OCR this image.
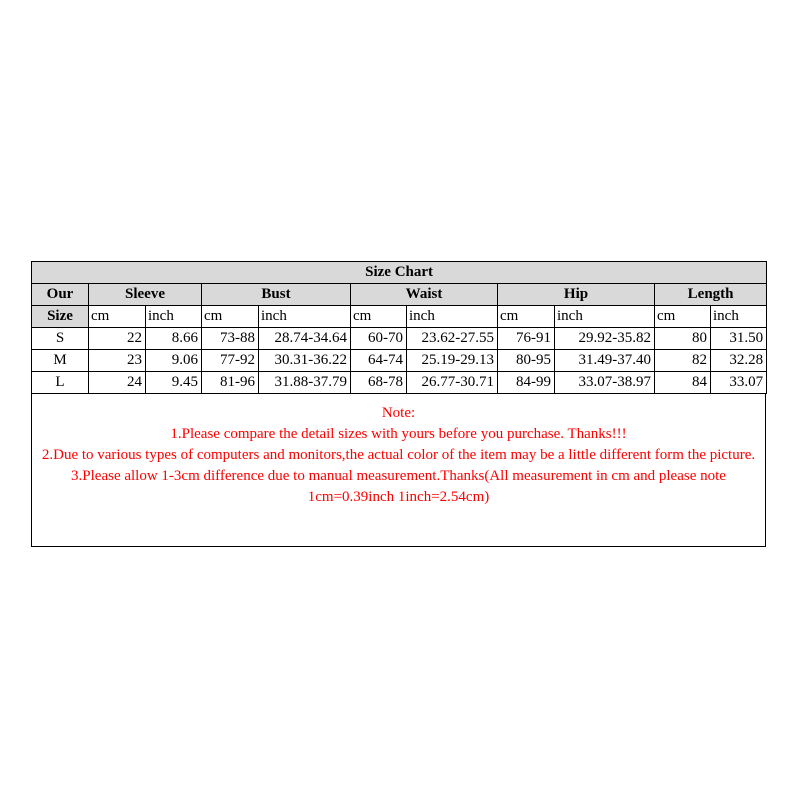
Size Chart										
Our	Sleeve		Bust		Waist		Hip		Length	
Size	cm	inch	cm	inch	cm	inch	cm	inch	cm	inch
S	22	8.66	73-88	28.74-34.64	60-70	23.62-27.55	76-91	29.92-35.82	80	31.50
M	23	9.06	77-92	30.31-36.22	64-74	25.19-29.13	80-95	31.49-37.40	82	32.28
L	24	9.45	81-96	31.88-37.79	68-78	26.77-30.71	84-99	33.07-38.97	84	33.07
Note:
1.Please compare the detail sizes with yours before you purchase. Thanks!!!
2.Due to various types of computers and monitors,the actual color of the item may be a little different form the picture.
3.Please allow 1-3cm difference due to manual measurement.Thanks(All measurement in cm and please note 1cm=0.39inch 1inch=2.54cm)
